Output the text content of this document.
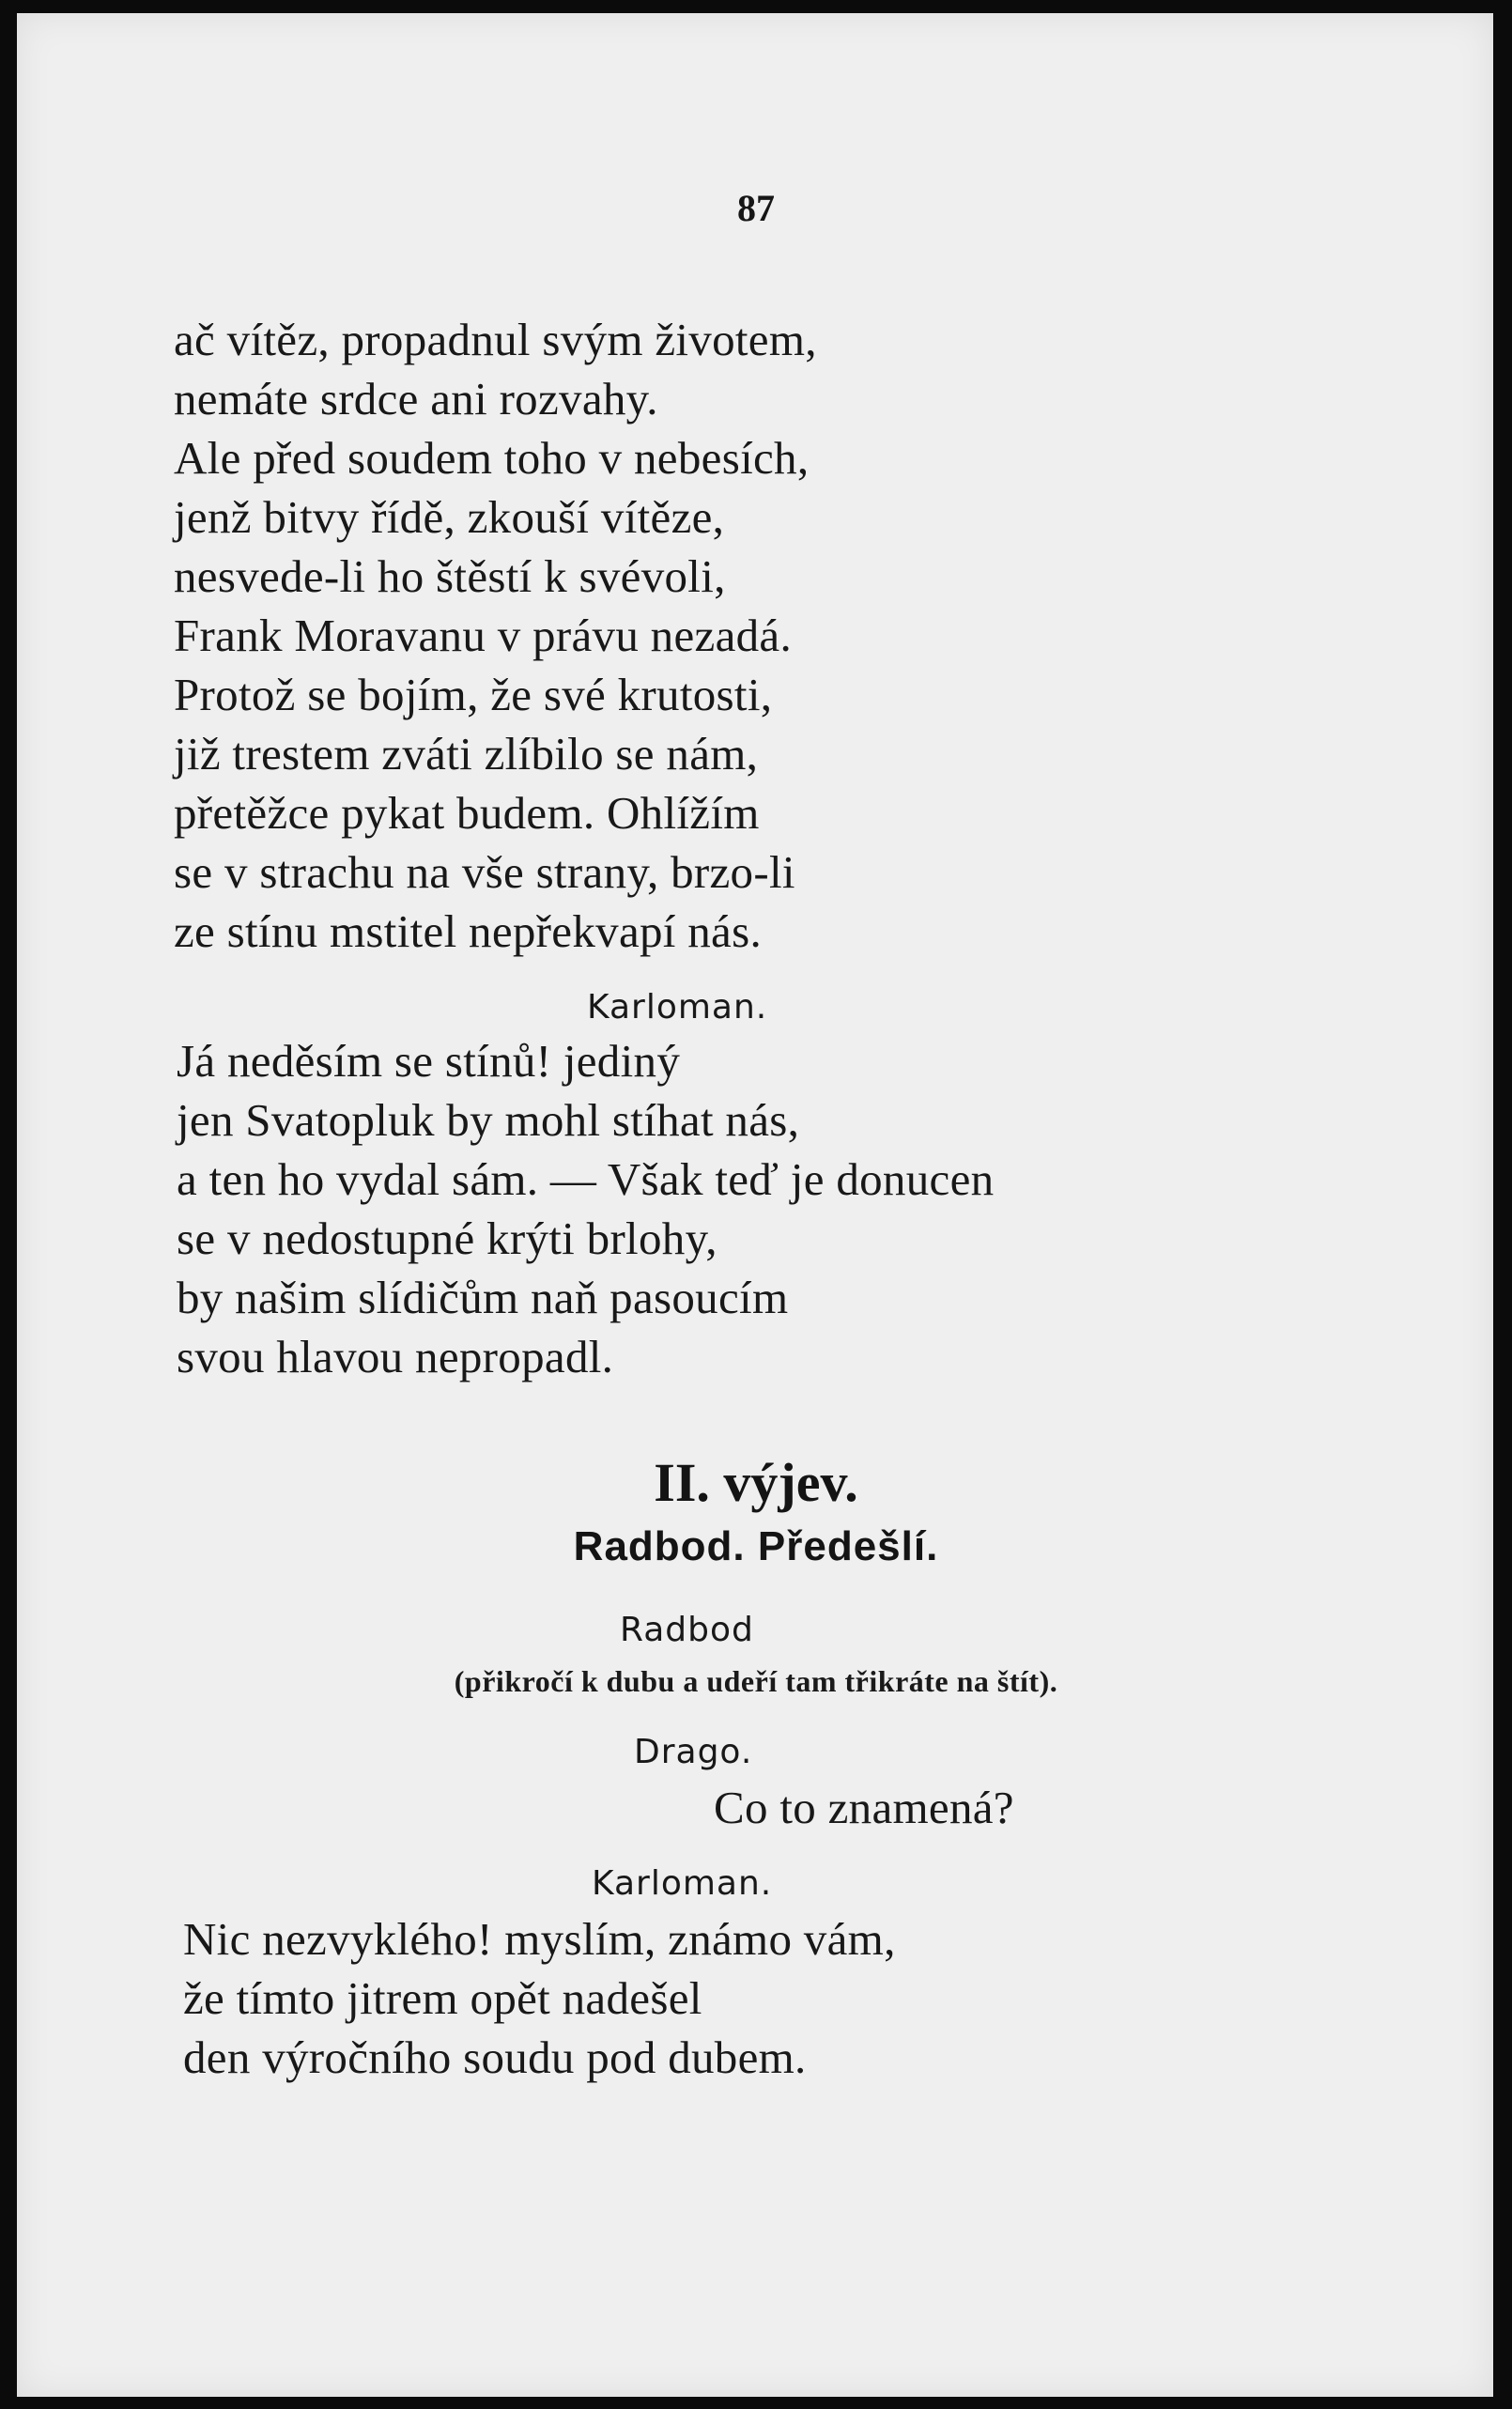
87
ač vítěz, propadnul svým životem,
nemáte srdce ani rozvahy.
Ale před soudem toho v nebesích,
jenž bitvy řídě, zkouší vítěze,
nesvede-li ho štěstí k svévoli,
Frank Moravanu v právu nezadá.
Protož se bojím, že své krutosti,
již trestem zváti zlíbilo se nám,
přetěžce pykat budem. Ohlížím
se v strachu na vše strany, brzo-li
ze stínu mstitel nepřekvapí nás.
Karloman.
Já neděsím se stínů! jediný
jen Svatopluk by mohl stíhat nás,
a ten ho vydal sám. — Však teď je donucen
se v nedostupné krýti brlohy,
by našim slídičům naň pasoucím
svou hlavou nepropadl.
II. výjev.
Radbod. Předešlí.
Radbod
(přikročí k dubu a udeří tam třikráte na štít).
Drago.
Co to znamená?
Karloman.
Nic nezvyklého! myslím, známo vám,
že tímto jitrem opět nadešel
den výročního soudu pod dubem.
